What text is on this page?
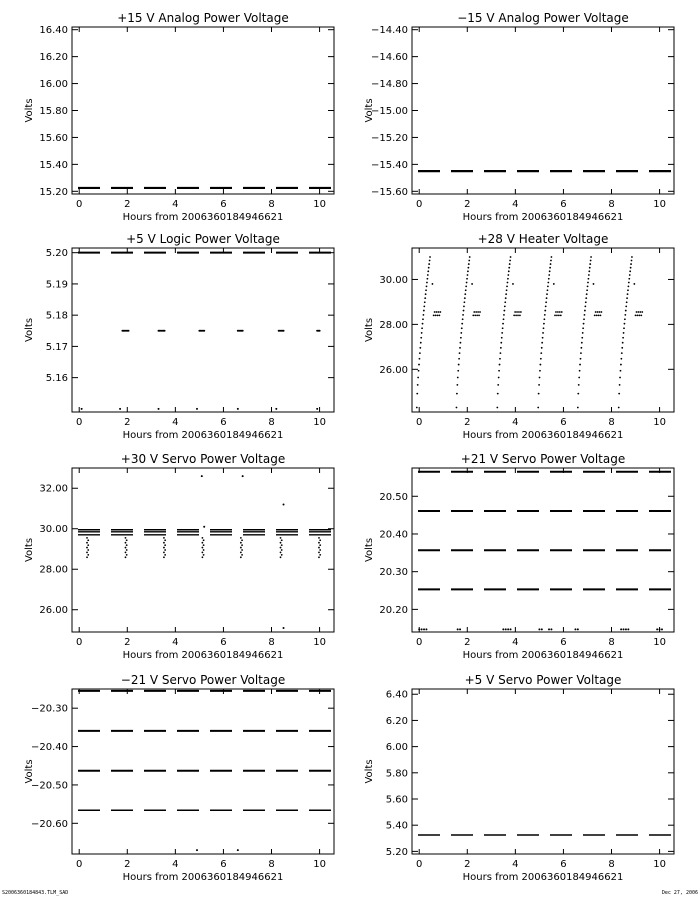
+15 V Analog Power Voltage
Hours from 2006360184946621
Volts
0	2	4	6	8	10
15.20
15.40
15.60
15.80
16.00
16.20
16.40
−15 V Analog Power Voltage
Hours from 2006360184946621
Volts
0	2	4	6	8	10
−15.60
−15.40
−15.20
−15.00
−14.80
−14.60
−14.40
+5 V Logic Power Voltage
Hours from 2006360184946621
Volts
0	2	4	6	8	10
5.16
5.17
5.18
5.19
5.20
+28 V Heater Voltage
Hours from 2006360184946621
Volts
0	2	4	6	8	10
26.00
28.00
30.00
+30 V Servo Power Voltage
Hours from 2006360184946621
Volts
0	2	4	6	8	10
26.00
28.00
30.00
32.00
+21 V Servo Power Voltage
Hours from 2006360184946621
Volts
0	2	4	6	8	10
20.20
20.30
20.40
20.50
−21 V Servo Power Voltage
Hours from 2006360184946621
Volts
0	2	4	6	8	10
−20.60
−20.50
−20.40
−20.30
+5 V Servo Power Voltage
Hours from 2006360184946621
Volts
0	2	4	6	8	10
5.20
5.40
5.60
5.80
6.00
6.20
6.40
S2006360184843.TLM_SAD	Dec 27, 2006
